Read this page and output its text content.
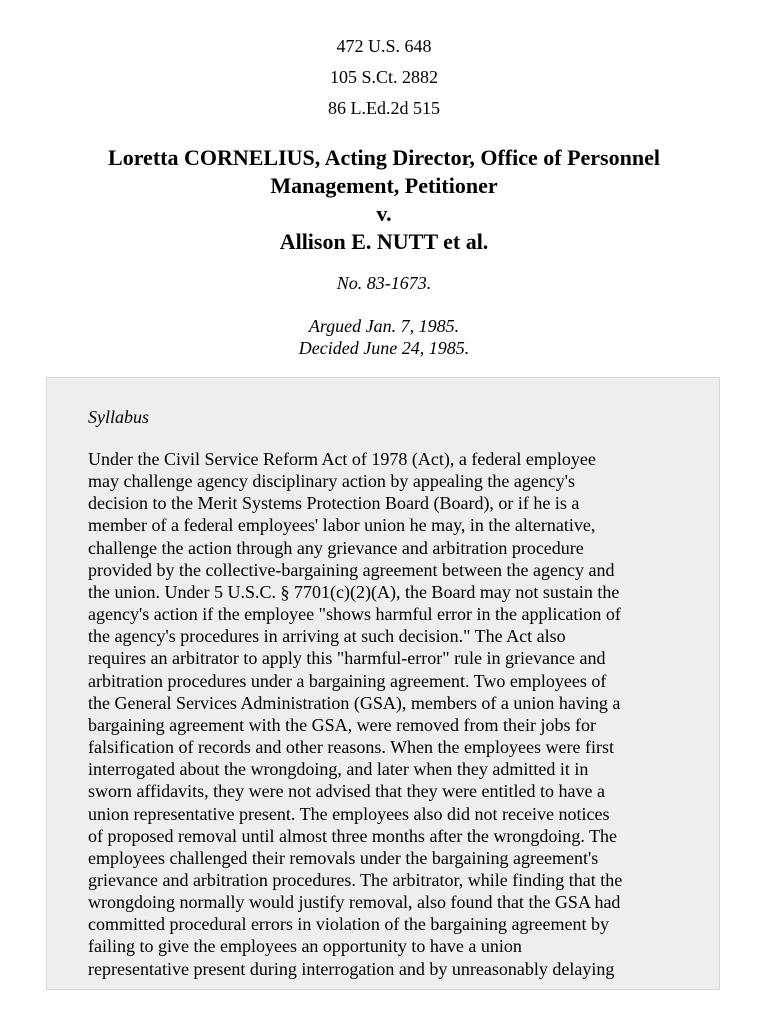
472 U.S. 648
105 S.Ct. 2882
86 L.Ed.2d 515
Loretta CORNELIUS, Acting Director, Office of Personnel
Management, Petitioner
v.
Allison E. NUTT et al.
No. 83-1673.
Argued Jan. 7, 1985.
Decided June 24, 1985.
Syllabus
Under the Civil Service Reform Act of 1978 (Act), a federal employee
may challenge agency disciplinary action by appealing the agency's
decision to the Merit Systems Protection Board (Board), or if he is a
member of a federal employees' labor union he may, in the alternative,
challenge the action through any grievance and arbitration procedure
provided by the collective-bargaining agreement between the agency and
the union. Under 5 U.S.C. § 7701(c)(2)(A), the Board may not sustain the
agency's action if the employee "shows harmful error in the application of
the agency's procedures in arriving at such decision." The Act also
requires an arbitrator to apply this "harmful-error" rule in grievance and
arbitration procedures under a bargaining agreement. Two employees of
the General Services Administration (GSA), members of a union having a
bargaining agreement with the GSA, were removed from their jobs for
falsification of records and other reasons. When the employees were first
interrogated about the wrongdoing, and later when they admitted it in
sworn affidavits, they were not advised that they were entitled to have a
union representative present. The employees also did not receive notices
of proposed removal until almost three months after the wrongdoing. The
employees challenged their removals under the bargaining agreement's
grievance and arbitration procedures. The arbitrator, while finding that the
wrongdoing normally would justify removal, also found that the GSA had
committed procedural errors in violation of the bargaining agreement by
failing to give the employees an opportunity to have a union
representative present during interrogation and by unreasonably delaying
